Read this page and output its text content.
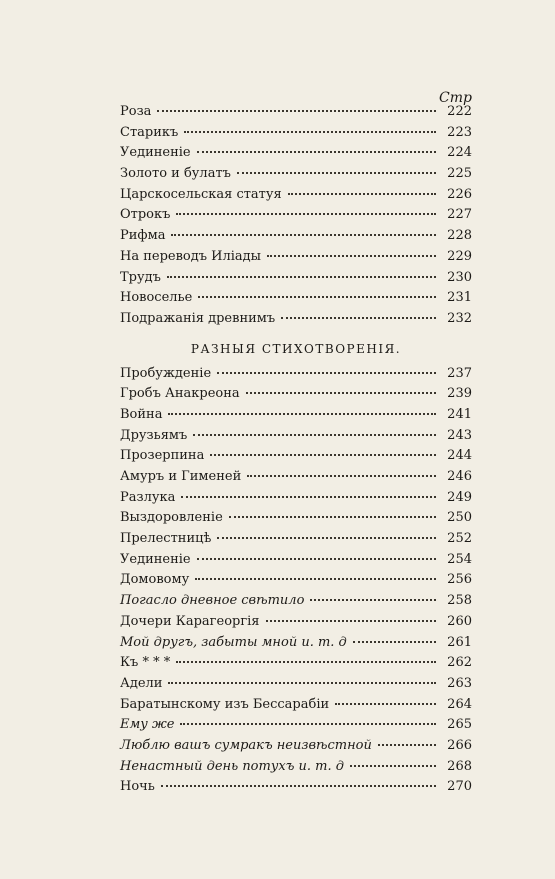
Стр
Роза	222
Старикъ	223
Уединеніе	224
Золото и булатъ	225
Царскосельская статуя	226
Отрокъ	227
Рифма	228
На переводъ Иліады	229
Трудъ	230
Новоселье	231
Подражанія древнимъ	232
РАЗНЫЯ СТИХОТВОРЕНІЯ.
Пробужденіе	237
Гробъ Анакреона	239
Война	241
Друзьямъ	243
Прозерпина	244
Амуръ и Гименей	246
Разлука	249
Выздоровленіе	250
Прелестницѣ	252
Уединеніе	254
Домовому	256
Погасло дневное свѣтило	258
Дочери Карагеоргія	260
Мой другъ, забыты мной и. т. д	261
Къ * * *	262
Адели	263
Баратынскому изъ Бессарабіи	264
Ему же	265
Люблю вашъ сумракъ неизвѣстной	266
Ненастный день потухъ и. т. д	268
Ночь	270
